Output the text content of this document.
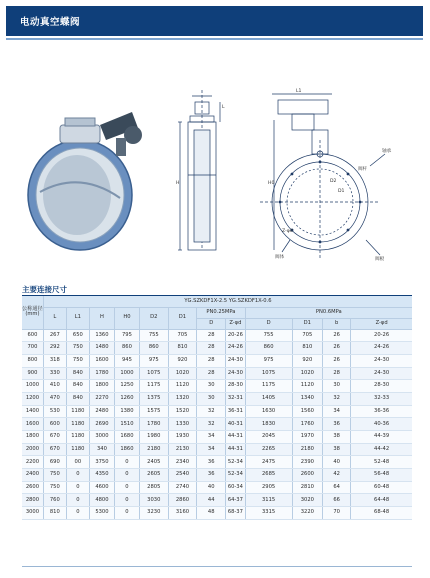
电动真空蝶阀
L1
H	H0
L
轴承
阀体	阀板
Z-φd
D2
D1
阀杆
主要连接尺寸
公称通径 (mm)	YG.SZKDF1X-2.5 YG.SZKDF1X-0.6											
	L	L1	H	H0	D2	D1	PN0.25MPa		PN0.6MPa			
							D	Z-φd	D	D1	b	Z-φd
600	267	650	1360	795	755	705	28	20-26	755	705	26	20-26
700	292	750	1480	860	860	810	28	24-26	860	810	26	24-26
800	318	750	1600	945	975	920	28	24-30	975	920	26	24-30
900	330	840	1780	1000	1075	1020	28	24-30	1075	1020	28	24-30
1000	410	840	1800	1250	1175	1120	30	28-30	1175	1120	30	28-30
1200	470	840	2270	1260	1375	1320	30	32-31	1405	1340	32	32-33
1400	530	1180	2480	1380	1575	1520	32	36-31	1630	1560	34	36-36
1600	600	1180	2690	1510	1780	1330	32	40-31	1830	1760	36	40-36
1800	670	1180	3000	1680	1980	1930	34	44-31	2045	1970	38	44-39
2000	670	1180	340	1860	2180	2130	34	44-31	2265	2180	38	44-42
2200	690	00	3750	0	2405	2340	36	52-34	2475	2390	40	52-48
2400	750	0	4350	0	2605	2540	36	52-34	2685	2600	42	56-48
2600	750	0	4600	0	2805	2740	40	60-34	2905	2810	64	60-48
2800	760	0	4800	0	3030	2860	44	64-37	3115	3020	66	64-48
3000	810	0	5300	0	3230	3160	48	68-37	3315	3220	70	68-48
